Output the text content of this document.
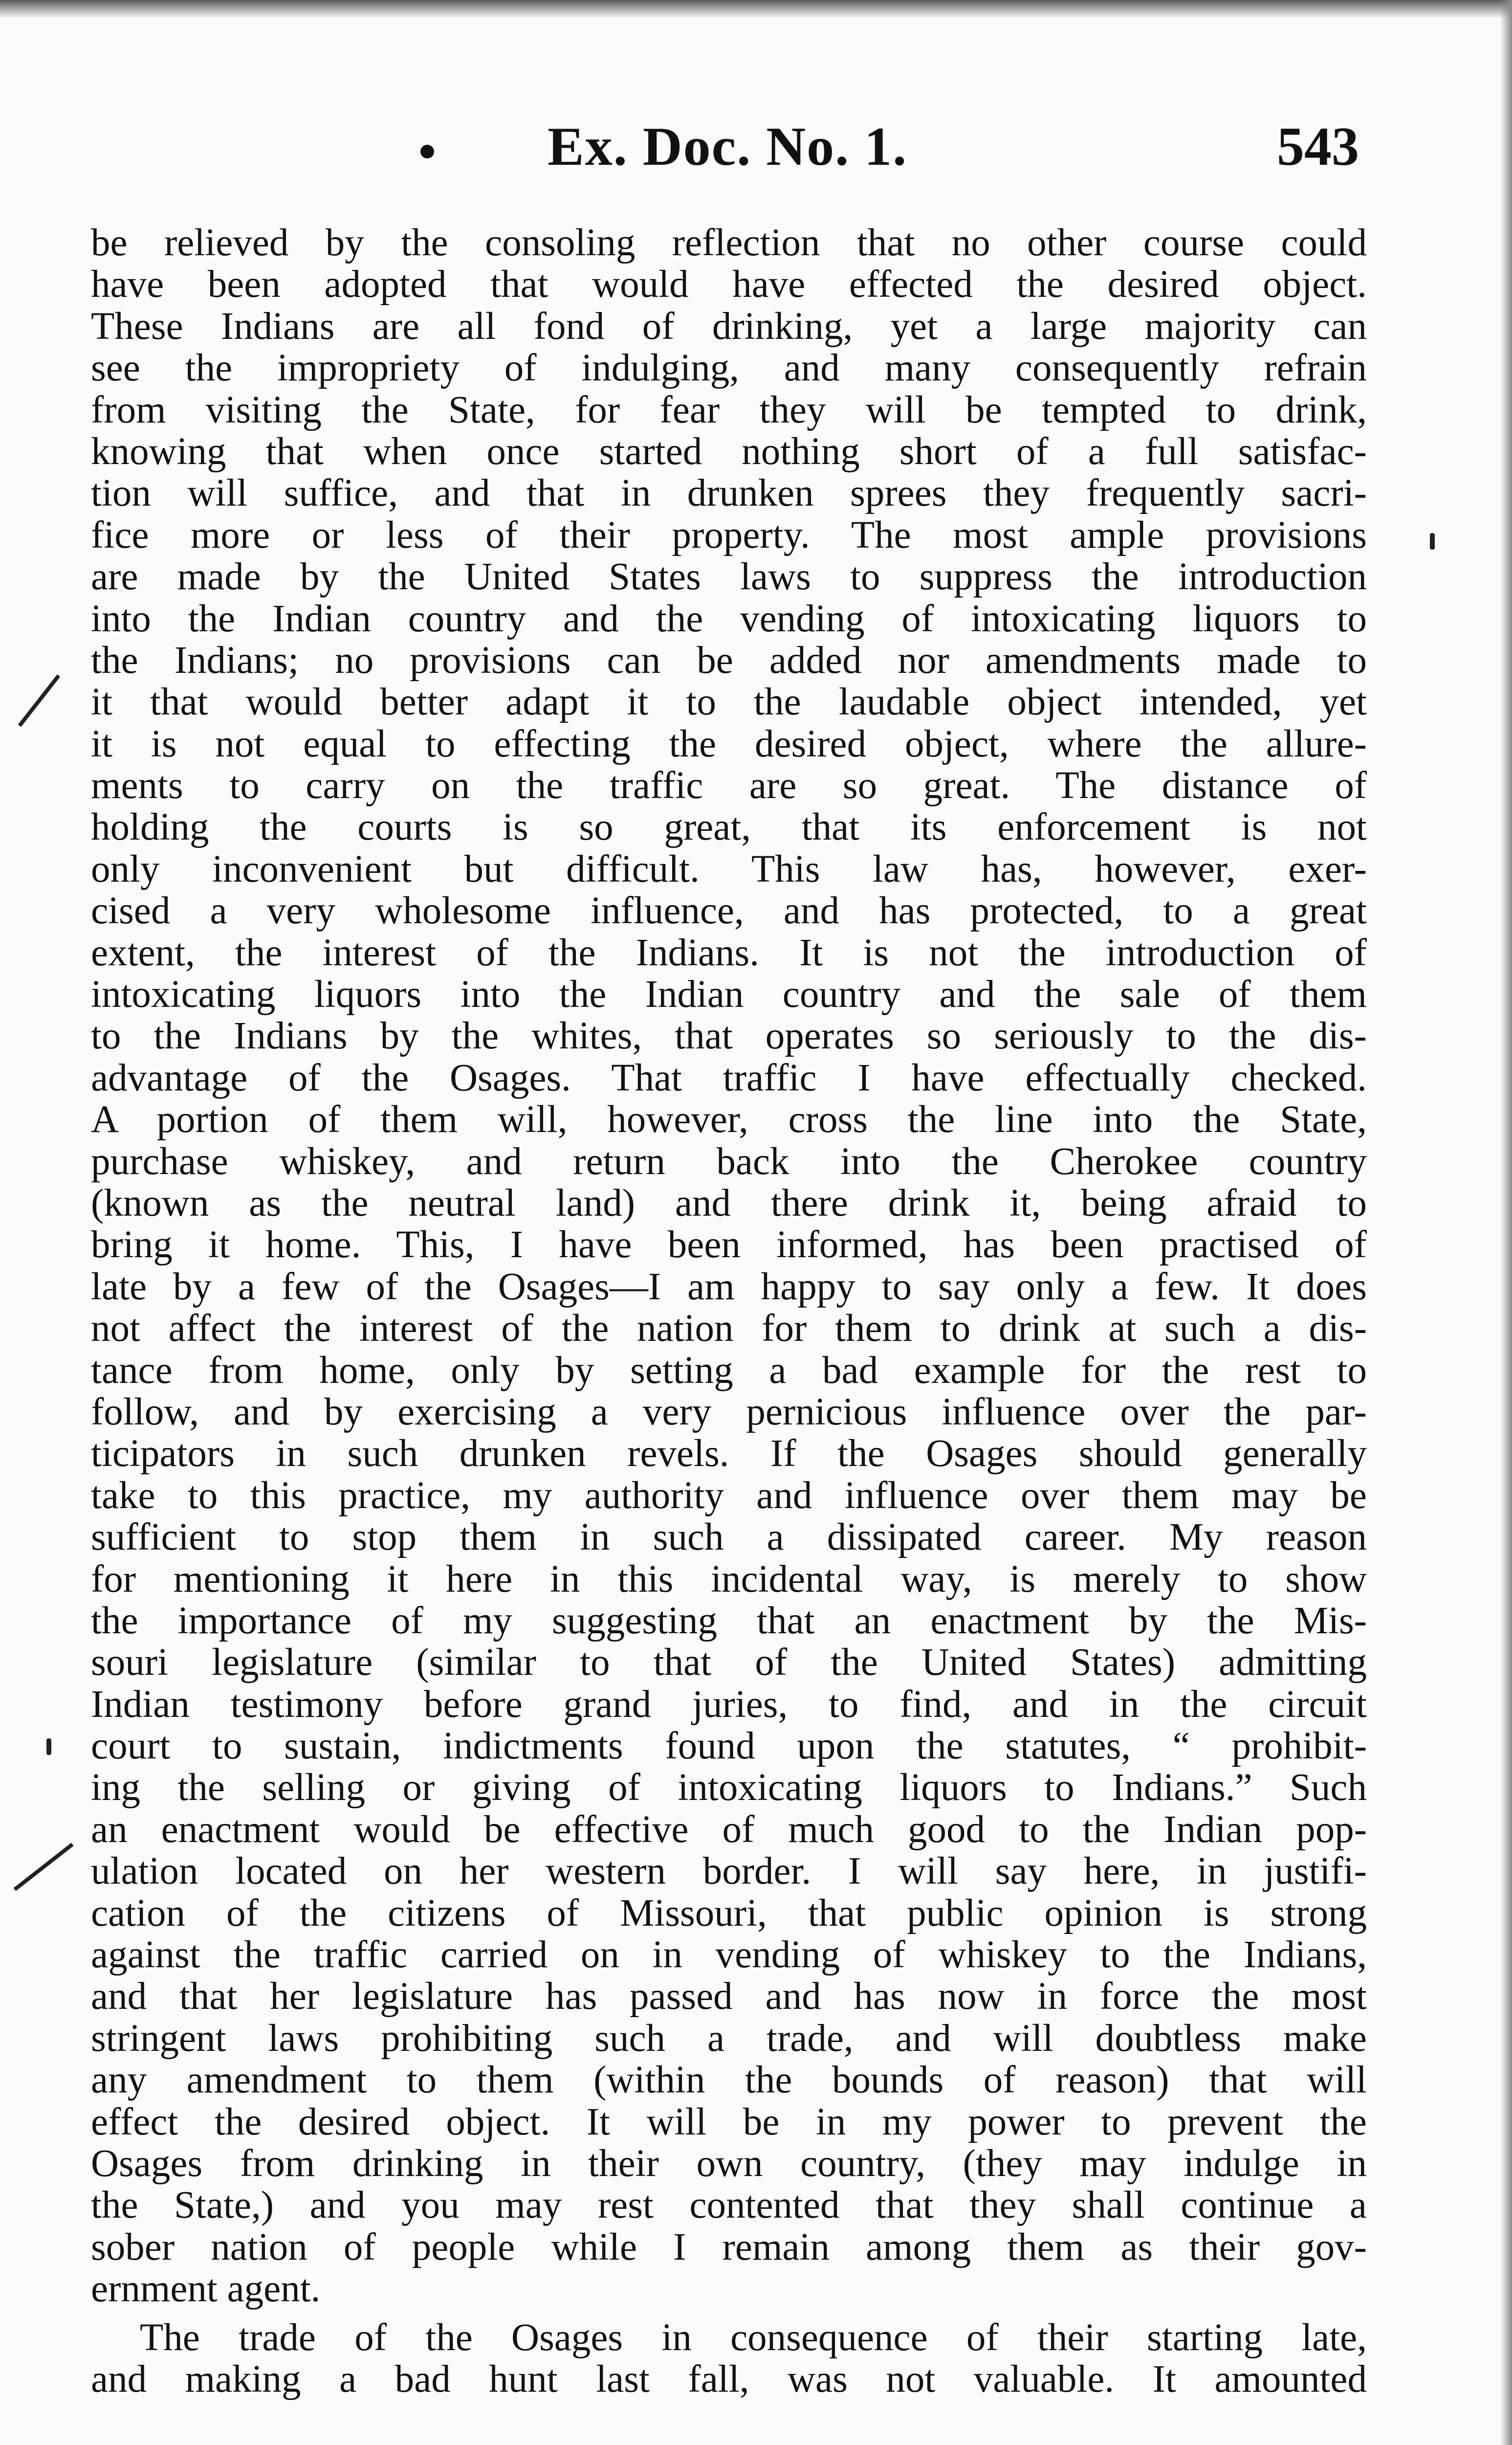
Ex. Doc. No. 1.	543
be relieved by the consoling reflection that no other course could
have been adopted that would have effected the desired object.
These Indians are all fond of drinking, yet a large majority can
see the impropriety of indulging, and many consequently refrain
from visiting the State, for fear they will be tempted to drink,
knowing that when once started nothing short of a full satisfac-
tion will suffice, and that in drunken sprees they frequently sacri-
fice more or less of their property. The most ample provisions
are made by the United States laws to suppress the introduction
into the Indian country and the vending of intoxicating liquors to
the Indians; no provisions can be added nor amendments made to
it that would better adapt it to the laudable object intended, yet
it is not equal to effecting the desired object, where the allure-
ments to carry on the traffic are so great. The distance of
holding the courts is so great, that its enforcement is not
only inconvenient but difficult. This law has, however, exer-
cised a very wholesome influence, and has protected, to a great
extent, the interest of the Indians. It is not the introduction of
intoxicating liquors into the Indian country and the sale of them
to the Indians by the whites, that operates so seriously to the dis-
advantage of the Osages. That traffic I have effectually checked.
A portion of them will, however, cross the line into the State,
purchase whiskey, and return back into the Cherokee country
(known as the neutral land) and there drink it, being afraid to
bring it home. This, I have been informed, has been practised of
late by a few of the Osages—I am happy to say only a few. It does
not affect the interest of the nation for them to drink at such a dis-
tance from home, only by setting a bad example for the rest to
follow, and by exercising a very pernicious influence over the par-
ticipators in such drunken revels. If the Osages should generally
take to this practice, my authority and influence over them may be
sufficient to stop them in such a dissipated career. My reason
for mentioning it here in this incidental way, is merely to show
the importance of my suggesting that an enactment by the Mis-
souri legislature (similar to that of the United States) admitting
Indian testimony before grand juries, to find, and in the circuit
court to sustain, indictments found upon the statutes, “ prohibit-
ing the selling or giving of intoxicating liquors to Indians.” Such
an enactment would be effective of much good to the Indian pop-
ulation located on her western border. I will say here, in justifi-
cation of the citizens of Missouri, that public opinion is strong
against the traffic carried on in vending of whiskey to the Indians,
and that her legislature has passed and has now in force the most
stringent laws prohibiting such a trade, and will doubtless make
any amendment to them (within the bounds of reason) that will
effect the desired object. It will be in my power to prevent the
Osages from drinking in their own country, (they may indulge in
the State,) and you may rest contented that they shall continue a
sober nation of people while I remain among them as their gov-
ernment agent.
The trade of the Osages in consequence of their starting late,
and making a bad hunt last fall, was not valuable. It amounted
